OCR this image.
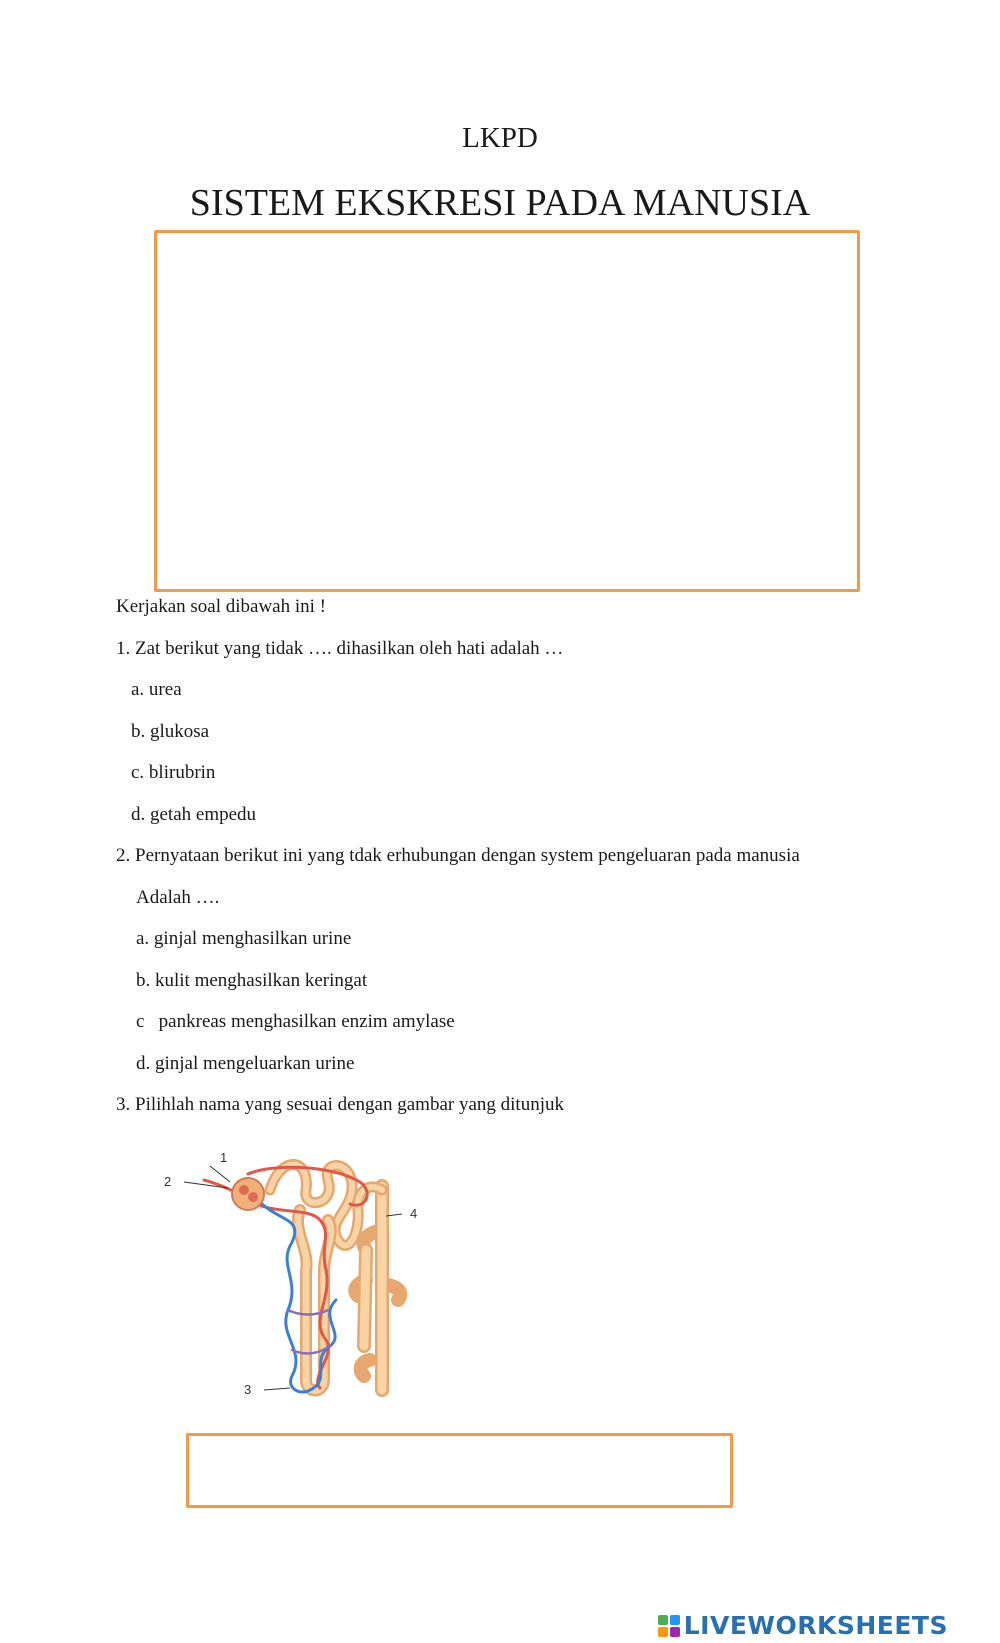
LKPD
SISTEM EKSKRESI PADA MANUSIA
Kerjakan soal dibawah ini !
1. Zat berikut yang tidak …. dihasilkan oleh hati adalah …
a. urea
b. glukosa
c. blirubrin
d. getah empedu
2. Pernyataan berikut ini yang tdak erhubungan dengan system pengeluaran pada manusia
Adalah ….
a. ginjal menghasilkan urine
b. kulit menghasilkan keringat
c   pankreas menghasilkan enzim amylase
d. ginjal mengeluarkan urine
3. Pilihlah nama yang sesuai dengan gambar yang ditunjuk
1
2
3
4
LIVEWORKSHEETS
